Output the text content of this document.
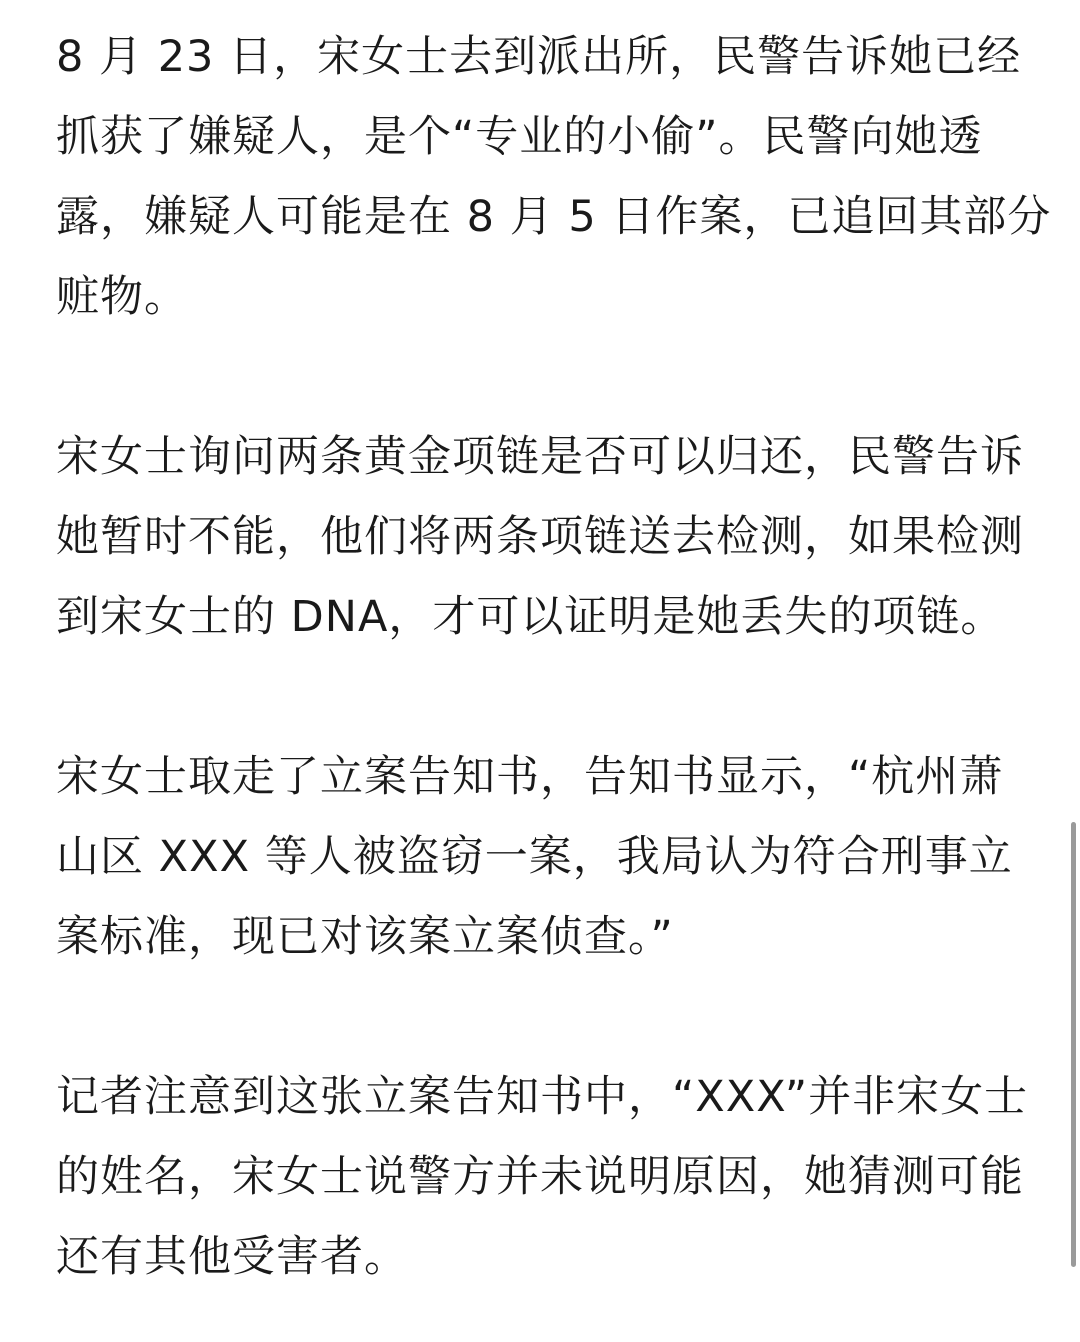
8 月 23 日，宋女士去到派出所，民警告诉她已经
抓获了嫌疑人，是个“专业的小偷”。民警向她透
露，嫌疑人可能是在 8 月 5 日作案，已追回其部分
赃物。

宋女士询问两条黄金项链是否可以归还，民警告诉
她暂时不能，他们将两条项链送去检测，如果检测
到宋女士的 DNA，才可以证明是她丢失的项链。

宋女士取走了立案告知书，告知书显示，“杭州萧
山区 XXX 等人被盗窃一案，我局认为符合刑事立
案标准，现已对该案立案侦查。”

记者注意到这张立案告知书中，“XXX”并非宋女士
的姓名，宋女士说警方并未说明原因，她猜测可能
还有其他受害者。
